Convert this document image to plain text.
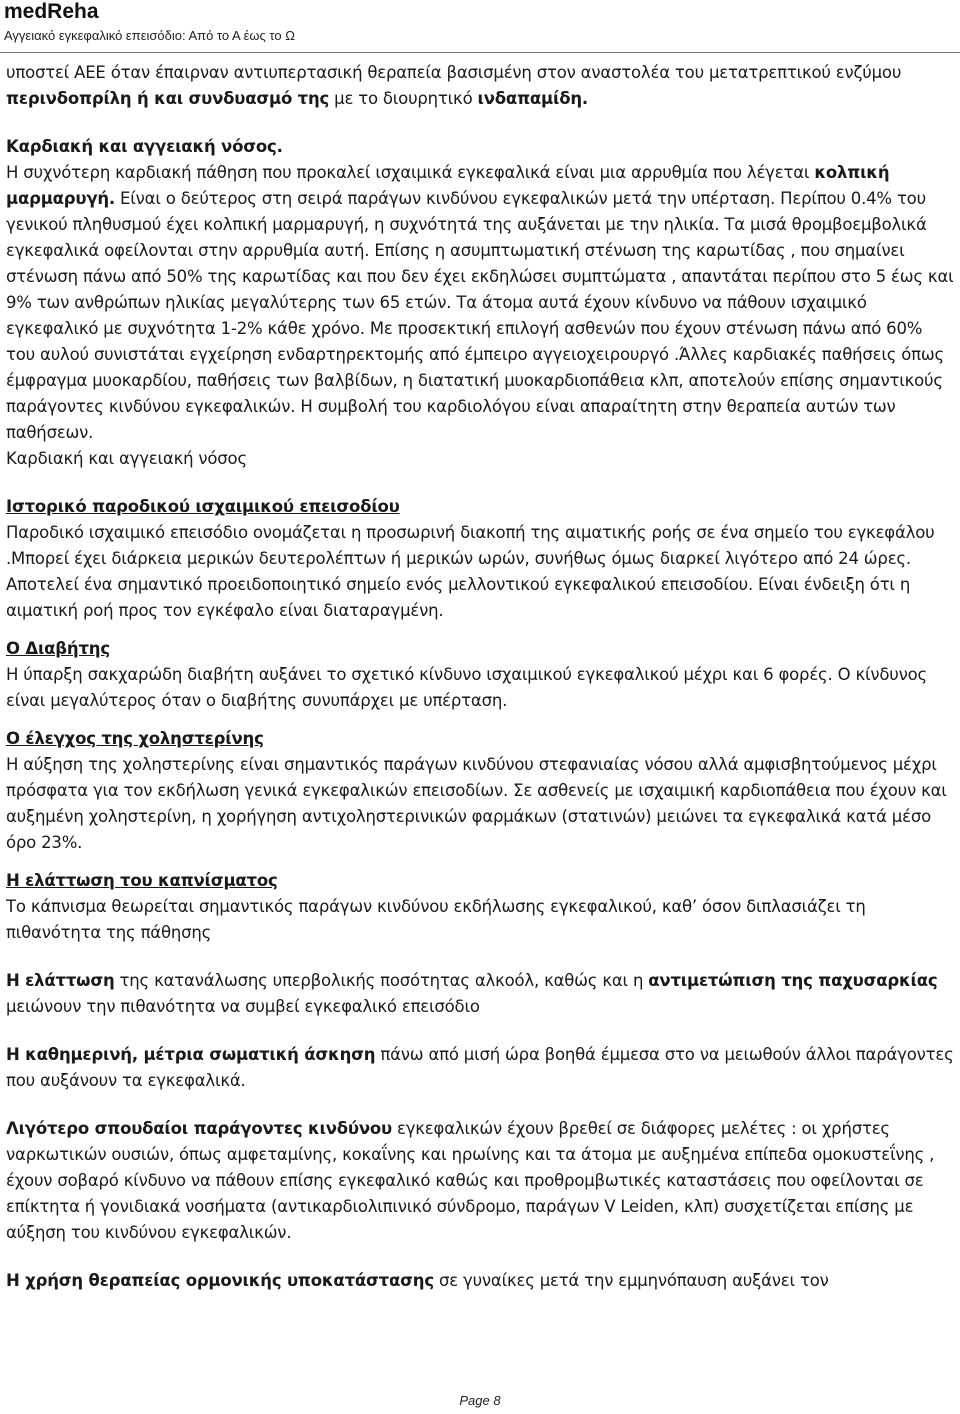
medReha
Αγγειακό εγκεφαλικό επεισόδιο: Από το Α έως το Ω

υποστεί ΑΕΕ όταν έπαιρναν αντιυπερτασική θεραπεία βασισμένη στον αναστολέα του μετατρεπτικού ενζύμου περινδοπρίλη ή και συνδυασμό της με το διουρητικό ινδαπαμίδη.

Καρδιακή και αγγειακή νόσος.
Η συχνότερη καρδιακή πάθηση που προκαλεί ισχαιμικά εγκεφαλικά είναι μια αρρυθμία που λέγεται κολπική μαρμαρυγή. Είναι ο δεύτερος στη σειρά παράγων κινδύνου εγκεφαλικών μετά την υπέρταση. Περίπου 0.4% του γενικού πληθυσμού έχει κολπική μαρμαρυγή, η συχνότητά της αυξάνεται με την ηλικία. Τα μισά θρομβοεμβολικά εγκεφαλικά οφείλονται στην αρρυθμία αυτή. Επίσης η ασυμπτωματική στένωση της καρωτίδας , που σημαίνει στένωση πάνω από 50% της καρωτίδας και που δεν έχει εκδηλώσει συμπτώματα , απαντάται περίπου στο 5 έως και 9% των ανθρώπων ηλικίας μεγαλύτερης των 65 ετών. Τα άτομα αυτά έχουν κίνδυνο να πάθουν ισχαιμικό εγκεφαλικό με συχνότητα 1-2% κάθε χρόνο. Με προσεκτική επιλογή ασθενών που έχουν στένωση πάνω από 60% του αυλού συνιστάται εγχείρηση ενδαρτηρεκτομής από έμπειρο αγγειοχειρουργό .Άλλες καρδιακές παθήσεις όπως έμφραγμα μυοκαρδίου, παθήσεις των βαλβίδων, η διατατική μυοκαρδιοπάθεια κλπ, αποτελούν επίσης σημαντικούς παράγοντες κινδύνου εγκεφαλικών. Η συμβολή του καρδιολόγου είναι απαραίτητη στην θεραπεία αυτών των παθήσεων.
Καρδιακή και αγγειακή νόσος

Ιστορικό παροδικού ισχαιμικού επεισοδίου
Παροδικό ισχαιμικό επεισόδιο ονομάζεται η προσωρινή διακοπή της αιματικής ροής σε ένα σημείο του εγκεφάλου .Μπορεί έχει διάρκεια μερικών δευτερολέπτων ή μερικών ωρών, συνήθως όμως διαρκεί λιγότερο από 24 ώρες. Αποτελεί ένα σημαντικό προειδοποιητικό σημείο ενός μελλοντικού εγκεφαλικού επεισοδίου. Είναι ένδειξη ότι η αιματική ροή προς τον εγκέφαλο είναι διαταραγμένη.

Ο Διαβήτης
Η ύπαρξη σακχαρώδη διαβήτη αυξάνει το σχετικό κίνδυνο ισχαιμικού εγκεφαλικού μέχρι και 6 φορές. Ο κίνδυνος είναι μεγαλύτερος όταν ο διαβήτης συνυπάρχει με υπέρταση.

Ο έλεγχος της χοληστερίνης
Η αύξηση της χοληστερίνης είναι σημαντικός παράγων κινδύνου στεφανιαίας νόσου αλλά αμφισβητούμενος μέχρι πρόσφατα για τον εκδήλωση γενικά εγκεφαλικών επεισοδίων. Σε ασθενείς με ισχαιμική καρδιοπάθεια που έχουν και αυξημένη χοληστερίνη, η χορήγηση αντιχοληστερινικών φαρμάκων (στατινών) μειώνει τα εγκεφαλικά κατά μέσο όρο 23%.

Η ελάττωση του καπνίσματος
Το κάπνισμα θεωρείται σημαντικός παράγων κινδύνου εκδήλωσης εγκεφαλικού, καθ’ όσον διπλασιάζει τη πιθανότητα της πάθησης

Η ελάττωση της κατανάλωσης υπερβολικής ποσότητας αλκοόλ, καθώς και η αντιμετώπιση της παχυσαρκίας μειώνουν την πιθανότητα να συμβεί εγκεφαλικό επεισόδιο

Η καθημερινή, μέτρια σωματική άσκηση πάνω από μισή ώρα βοηθά έμμεσα στο να μειωθούν άλλοι παράγοντες που αυξάνουν τα εγκεφαλικά.

Λιγότερο σπουδαίοι παράγοντες κινδύνου εγκεφαλικών έχουν βρεθεί σε διάφορες μελέτες : οι χρήστες ναρκωτικών ουσιών, όπως αμφεταμίνης, κοκαΐνης και ηρωίνης και τα άτομα με αυξημένα επίπεδα ομοκυστεΐνης , έχουν σοβαρό κίνδυνο να πάθουν επίσης εγκεφαλικό καθώς και προθρομβωτικές καταστάσεις που οφείλονται σε επίκτητα ή γονιδιακά νοσήματα (αντικαρδιολιπινικό σύνδρομο, παράγων V Leiden, κλπ) συσχετίζεται επίσης με αύξηση του κινδύνου εγκεφαλικών.

Η χρήση θεραπείας ορμονικής υποκατάστασης σε γυναίκες μετά την εμμηνόπαυση αυξάνει τον

Page 8
